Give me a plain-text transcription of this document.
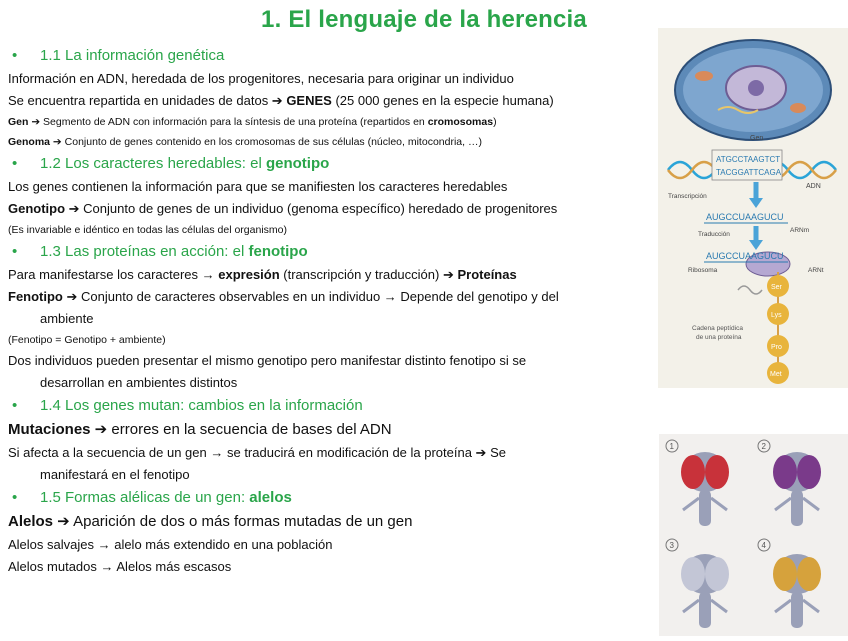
1. El lenguaje de la herencia
•	1.1 La información genética
Información en ADN, heredada de los progenitores, necesaria para originar un individuo
Se encuentra repartida en unidades de datos ➔ GENES (25 000 genes en la especie humana)
Gen ➔ Segmento de ADN con información para la síntesis de una proteína (repartidos en cromosomas)
Genoma ➔ Conjunto de genes contenido en los cromosomas de sus células (núcleo, mitocondria, …)
•	1.2 Los caracteres heredables: el genotipo
Los genes contienen la información para que se manifiesten los caracteres heredables
Genotipo ➔ Conjunto de genes de un individuo (genoma específico) heredado de progenitores
(Es invariable e idéntico en todas las células del organismo)
•	1.3 Las proteínas en acción: el fenotipo
Para manifestarse los caracteres → expresión (transcripción y traducción) ➔ Proteínas
Fenotipo ➔ Conjunto de caracteres observables en un individuo → Depende del genotipo y del
ambiente
(Fenotipo = Genotipo + ambiente)
Dos individuos pueden presentar el mismo genotipo pero manifestar distinto fenotipo si se
desarrollan en ambientes distintos
•	1.4 Los genes mutan: cambios en la información
Mutaciones ➔ errores en la secuencia de bases del ADN
Si afecta a la secuencia de un gen → se traducirá en modificación de la proteína ➔ Se
manifestará en el fenotipo
•	1.5 Formas alélicas de un gen: alelos
Alelos ➔ Aparición de dos o más formas mutadas de un gen
Alelos salvajes → alelo más extendido en una población
Alelos mutados → Alelos más escasos
Gen
ATGCCTAAGTCT
TACGGATTCAGA
ADN
Transcripción
AUGCCUAAGUCU
ARNm
Traducción
AUGCCUAAGUCU
Ribosoma	ARNt
Cadena peptídica
de una proteína
Ser
Lys
Pro
Met
1	2
3	4
